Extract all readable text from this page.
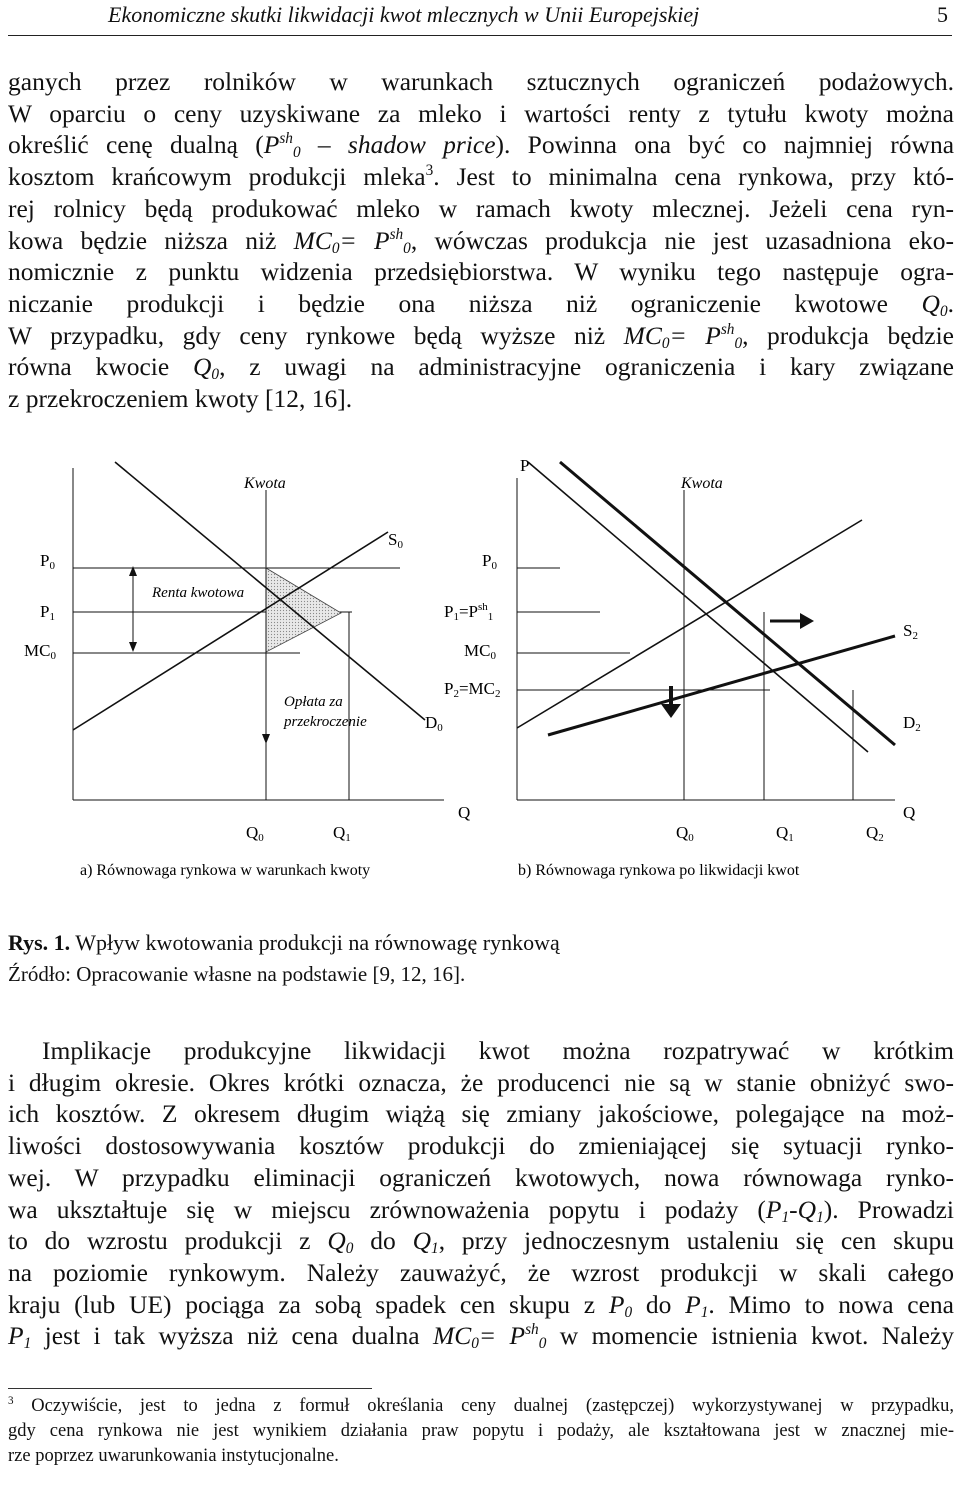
Ekonomiczne skutki likwidacji kwot mlecznych w Unii Europejskiej	5
ganych przez rolników w warunkach sztucznych ograniczeń podażowych.
W oparciu o ceny uzyskiwane za mleko i wartości renty z tytułu kwoty można
określić cenę dualną ($P^{sh}_0$ – shadow price). Powinna ona być co najmniej równa
kosztom krańcowym produkcji mleka$^3$. Jest to minimalna cena rynkowa, przy któ-
rej rolnicy będą produkować mleko w ramach kwoty mlecznej. Jeżeli cena ryn-
kowa będzie niższa niż $MC_0= P^{sh}_0$, wówczas produkcja nie jest uzasadniona eko-
nomicznie z punktu widzenia przedsiębiorstwa. W wyniku tego następuje ogra-
niczanie produkcji i będzie ona niższa niż ograniczenie kwotowe $Q_0$.
W przypadku, gdy ceny rynkowe będą wyższe niż $MC_0= P^{sh}_0$, produkcja będzie
równa kwocie $Q_0$, z uwagi na administracyjne ograniczenia i kary związane
z przekroczeniem kwoty [12, 16].
Kwota
P0
P1
MC0
S0
D0
Renta kwotowa
Opłata za
przekroczenie
Q0	Q1
Q
a) Równowaga rynkowa w warunkach kwoty
P
Kwota
P0
$P1=P^{sh}_1$
MC0
P2=MC2
S2
D2
Q0	Q1	Q2
Q
b) Równowaga rynkowa po likwidacji kwot
Rys. 1. Wpływ kwotowania produkcji na równowagę rynkową
Źródło: Opracowanie własne na podstawie [9, 12, 16].
Implikacje produkcyjne likwidacji kwot można rozpatrywać w krótkim
i długim okresie. Okres krótki oznacza, że producenci nie są w stanie obniżyć swo-
ich kosztów. Z okresem długim wiążą się zmiany jakościowe, polegające na moż-
liwości dostosowywania kosztów produkcji do zmieniającej się sytuacji rynko-
wej. W przypadku eliminacji ograniczeń kwotowych, nowa równowaga rynko-
wa ukształtuje się w miejscu zrównoważenia popytu i podaży $(P_1-Q_1)$. Prowadzi
to do wzrostu produkcji z $Q_0$ do $Q_1$, przy jednoczesnym ustaleniu się cen skupu
na poziomie rynkowym. Należy zauważyć, że wzrost produkcji w skali całego
kraju (lub UE) pociąga za sobą spadek cen skupu z $P_0$ do $P_1$. Mimo to nowa cena
$P_1$ jest i tak wyższa niż cena dualna $MC_0= P^{sh}_0$ w momencie istnienia kwot. Należy
$^3$ Oczywiście, jest to jedna z formuł określania ceny dualnej (zastępczej) wykorzystywanej w przypadku,
gdy cena rynkowa nie jest wynikiem działania praw popytu i podaży, ale kształtowana jest w znacznej mie-
rze poprzez uwarunkowania instytucjonalne.
